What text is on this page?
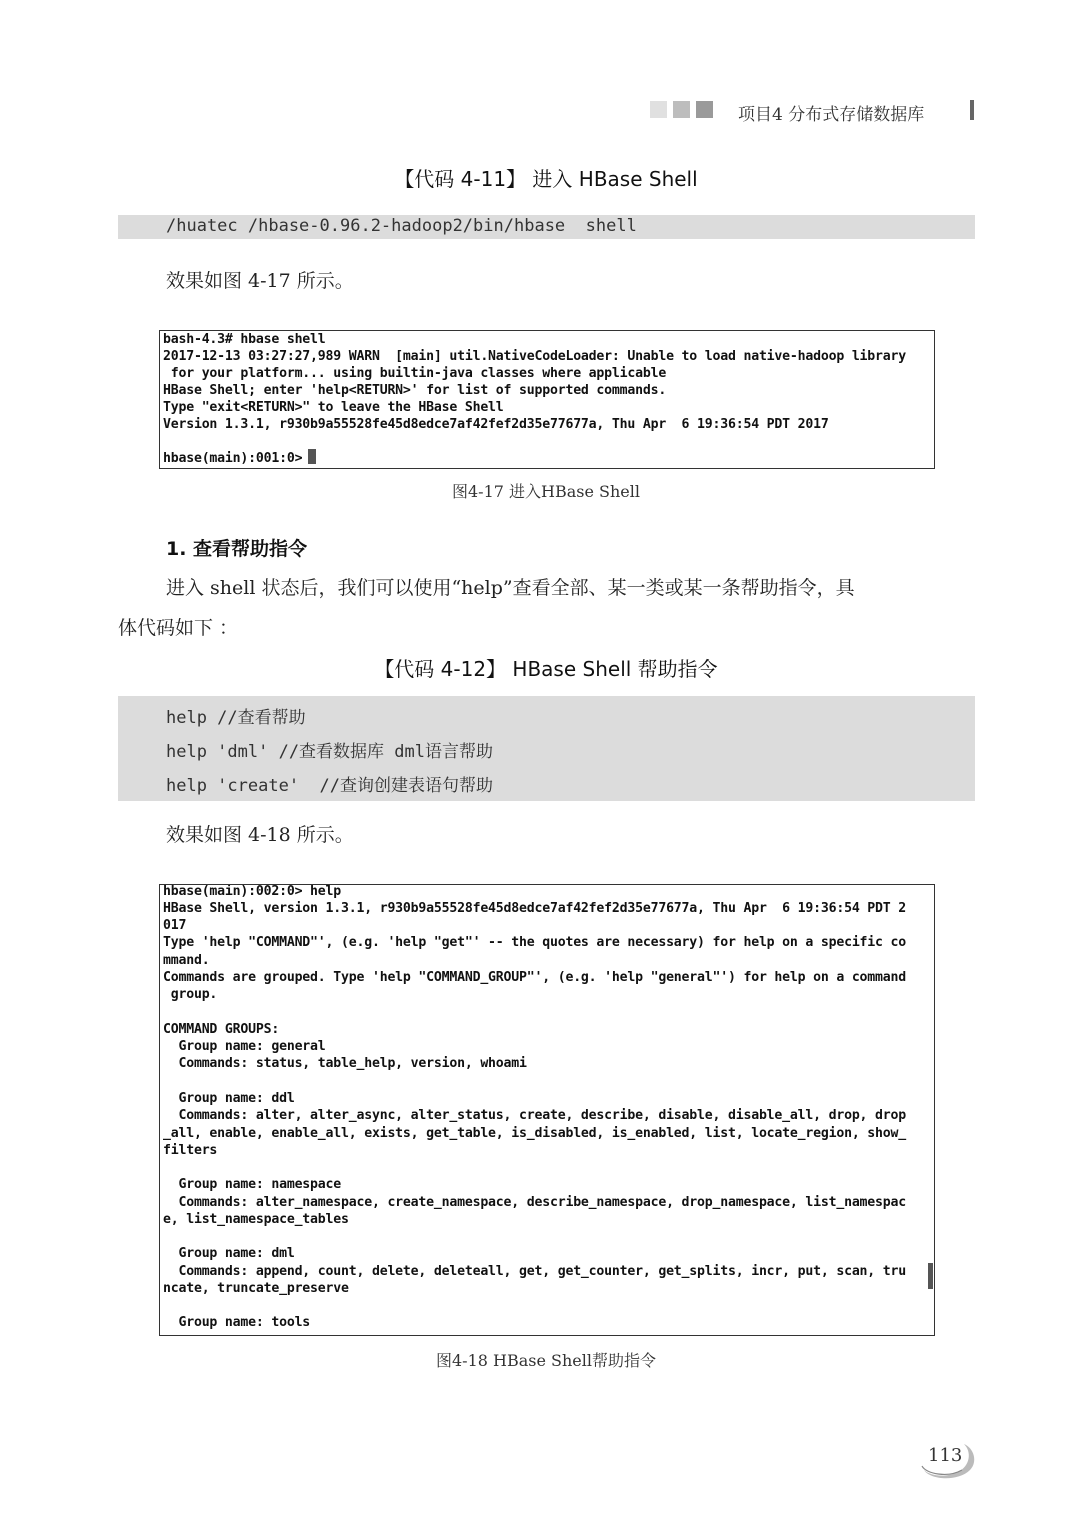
项目4 分布式存储数据库
【代码 4-11】 进入 HBase Shell
/huatec /hbase-0.96.2-hadoop2/bin/hbase  shell
效果如图 4-17 所示。
bash-4.3# hbase shell
2017-12-13 03:27:27,989 WARN  [main] util.NativeCodeLoader: Unable to load native-hadoop library
for your platform... using builtin-java classes where applicable
HBase Shell; enter 'help<RETURN>' for list of supported commands.
Type "exit<RETURN>" to leave the HBase Shell
Version 1.3.1, r930b9a55528fe45d8edce7af42fef2d35e77677a, Thu Apr  6 19:36:54 PDT 2017
hbase(main):001:0>
图4-17 进入HBase Shell
1. 查看帮助指令
进入 shell 状态后，我们可以使用“help”查看全部、某一类或某一条帮助指令，具
体代码如下 ：
【代码 4-12】 HBase Shell 帮助指令
help //查看帮助
help 'dml' //查看数据库 dml语言帮助
help 'create'  //查询创建表语句帮助
效果如图 4-18 所示。
hbase(main):002:0> help
HBase Shell, version 1.3.1, r930b9a55528fe45d8edce7af42fef2d35e77677a, Thu Apr  6 19:36:54 PDT 2
017
Type 'help "COMMAND"', (e.g. 'help "get"' -- the quotes are necessary) for help on a specific co
mmand.
Commands are grouped. Type 'help "COMMAND_GROUP"', (e.g. 'help "general"') for help on a command
group.
COMMAND GROUPS:
Group name: general
Commands: status, table_help, version, whoami
Group name: ddl
Commands: alter, alter_async, alter_status, create, describe, disable, disable_all, drop, drop
_all, enable, enable_all, exists, get_table, is_disabled, is_enabled, list, locate_region, show_
filters
Group name: namespace
Commands: alter_namespace, create_namespace, describe_namespace, drop_namespace, list_namespac
e, list_namespace_tables
Group name: dml
Commands: append, count, delete, deleteall, get, get_counter, get_splits, incr, put, scan, tru
ncate, truncate_preserve
Group name: tools
图4-18 HBase Shell帮助指令
113
